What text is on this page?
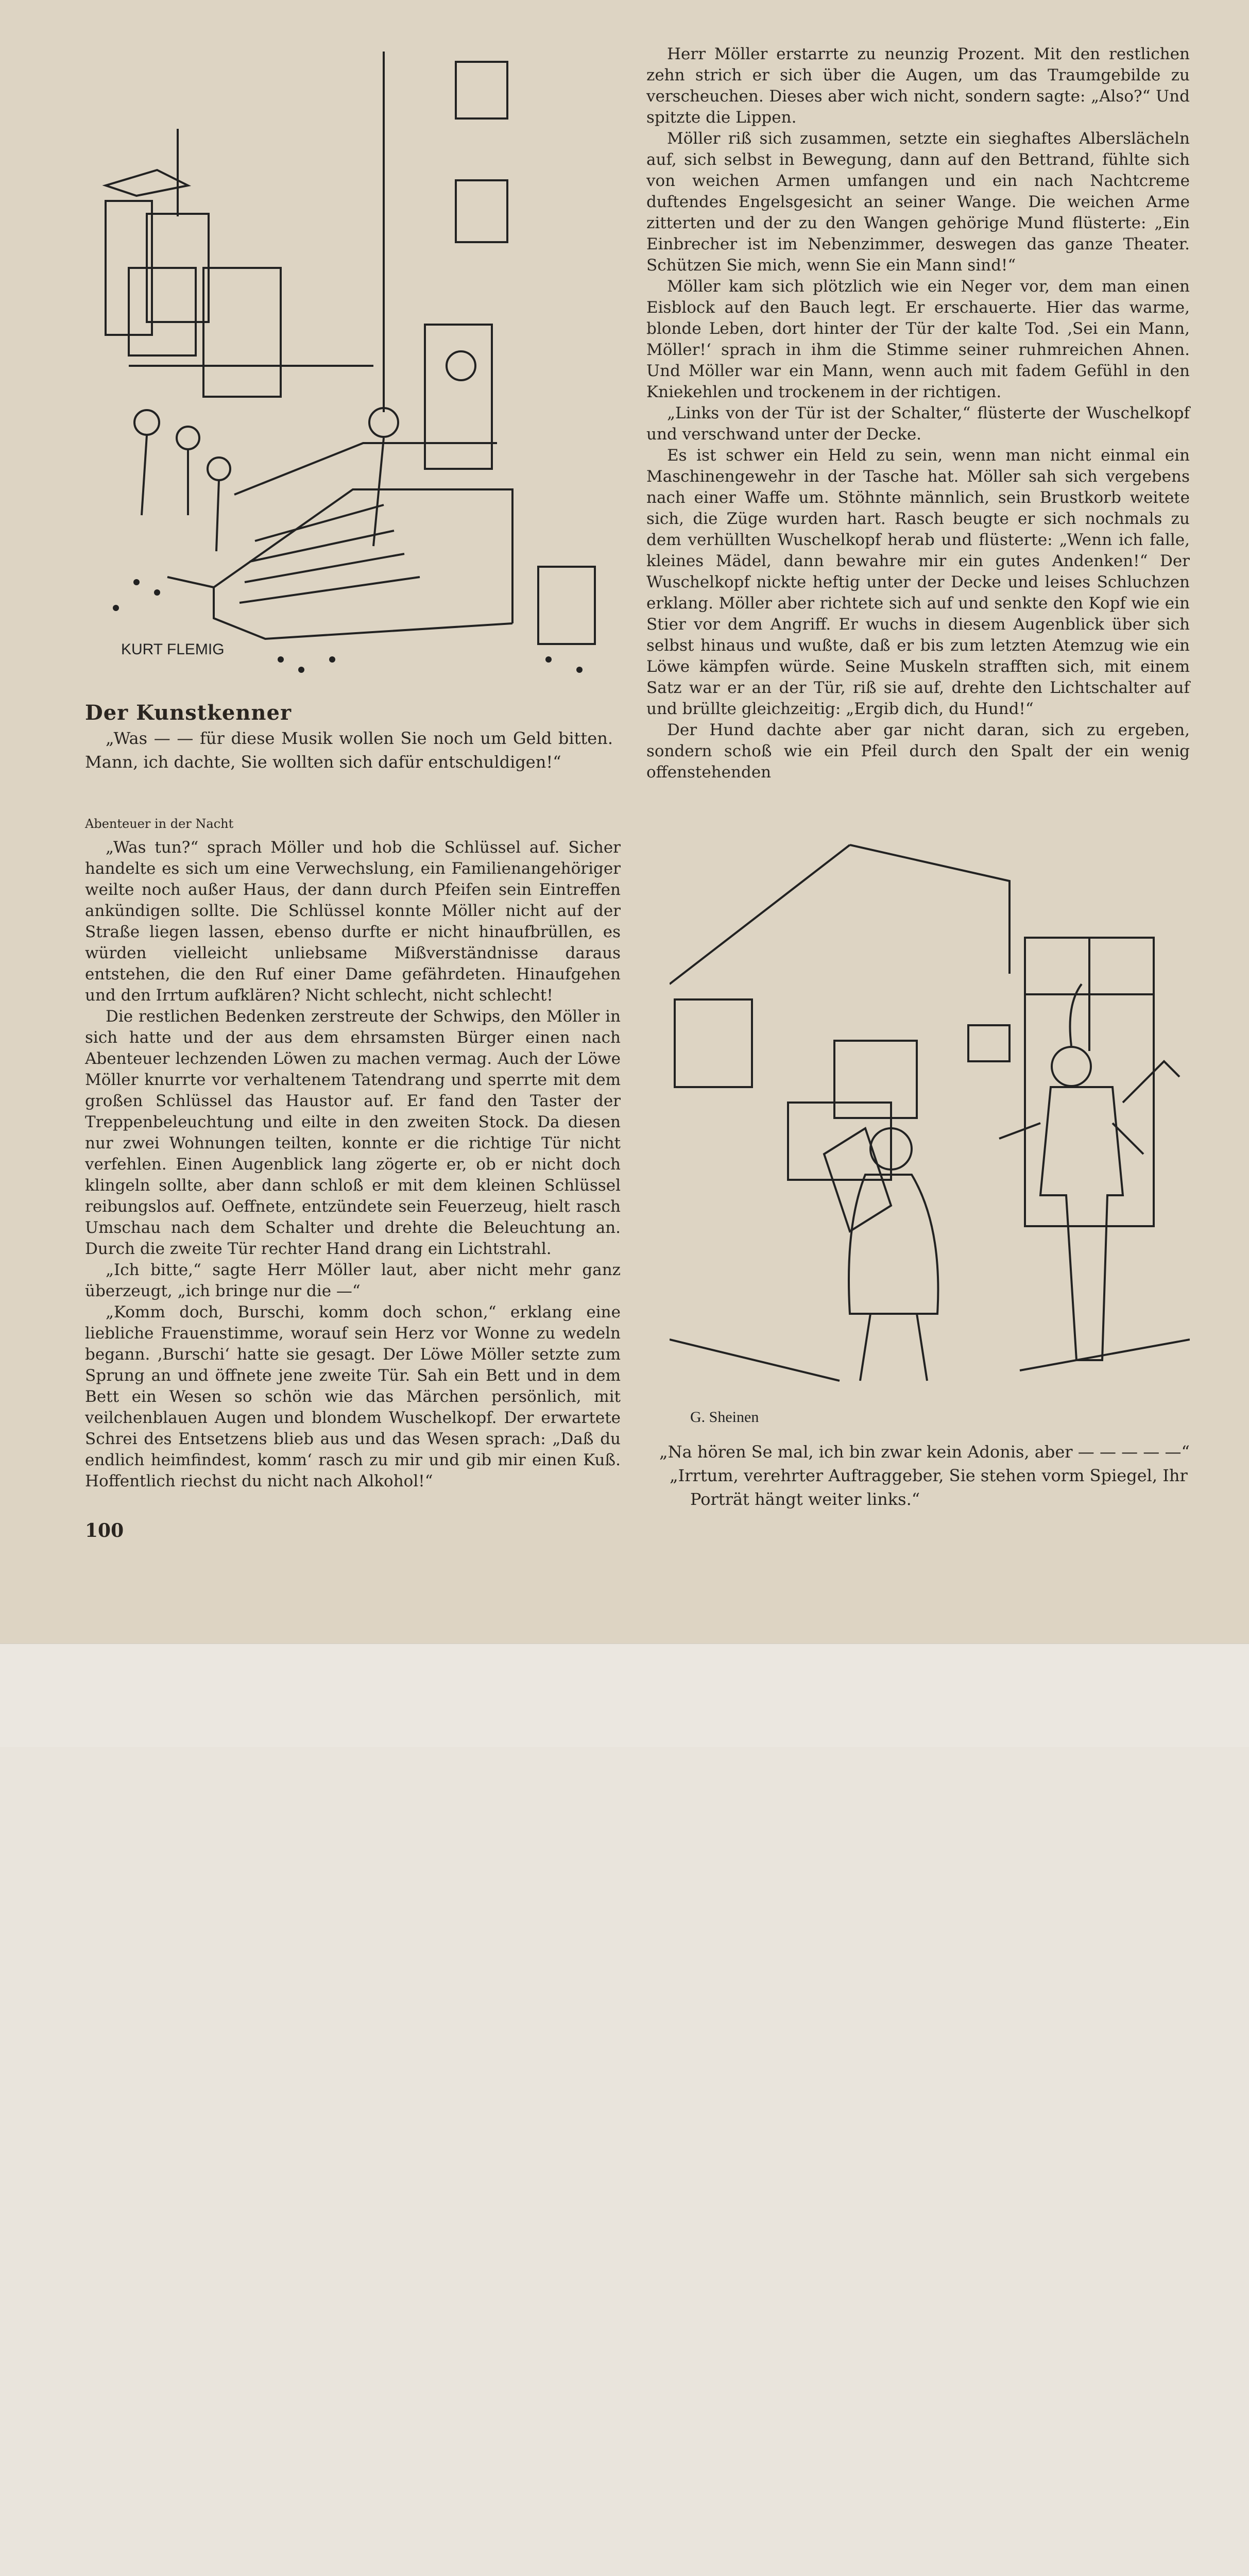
KURT FLEMIG
Der Kunstkenner
„Was — — für diese Musik wollen Sie noch um Geld bitten. Mann, ich dachte, Sie wollten sich dafür entschuldigen!“
Abenteuer in der Nacht

„Was tun?“ sprach Möller und hob die Schlüssel auf. Sicher handelte es sich um eine Verwechslung, ein Familienangehöriger weilte noch außer Haus, der dann durch Pfeifen sein Eintreffen ankündigen sollte. Die Schlüssel konnte Möller nicht auf der Straße liegen lassen, ebenso durfte er nicht hinaufbrüllen, es würden vielleicht unliebsame Mißverständnisse daraus entstehen, die den Ruf einer Dame gefährdeten. Hinaufgehen und den Irrtum aufklären? Nicht schlecht, nicht schlecht!

Die restlichen Bedenken zerstreute der Schwips, den Möller in sich hatte und der aus dem ehrsamsten Bürger einen nach Abenteuer lechzenden Löwen zu machen vermag. Auch der Löwe Möller knurrte vor verhaltenem Tatendrang und sperrte mit dem großen Schlüssel das Haustor auf. Er fand den Taster der Treppenbeleuchtung und eilte in den zweiten Stock. Da diesen nur zwei Wohnungen teilten, konnte er die richtige Tür nicht verfehlen. Einen Augenblick lang zögerte er, ob er nicht doch klingeln sollte, aber dann schloß er mit dem kleinen Schlüssel reibungslos auf. Oeffnete, entzündete sein Feuerzeug, hielt rasch Umschau nach dem Schalter und drehte die Beleuchtung an. Durch die zweite Tür rechter Hand drang ein Lichtstrahl.

„Ich bitte,“ sagte Herr Möller laut, aber nicht mehr ganz überzeugt, „ich bringe nur die —“

„Komm doch, Burschi, komm doch schon,“ erklang eine liebliche Frauenstimme, worauf sein Herz vor Wonne zu wedeln begann. ‚Burschi‘ hatte sie gesagt. Der Löwe Möller setzte zum Sprung an und öffnete jene zweite Tür. Sah ein Bett und in dem Bett ein Wesen so schön wie das Märchen persönlich, mit veilchenblauen Augen und blondem Wuschelkopf. Der erwartete Schrei des Entsetzens blieb aus und das Wesen sprach: „Daß du endlich heimfindest, komm‘ rasch zu mir und gib mir einen Kuß. Hoffentlich riechst du nicht nach Alkohol!“

100

Herr Möller erstarrte zu neunzig Prozent. Mit den restlichen zehn strich er sich über die Augen, um das Traumgebilde zu verscheuchen. Dieses aber wich nicht, sondern sagte: „Also?“ Und spitzte die Lippen.

Möller riß sich zusammen, setzte ein sieghaftes Alberslächeln auf, sich selbst in Bewegung, dann auf den Bettrand, fühlte sich von weichen Armen umfangen und ein nach Nachtcreme duftendes Engelsgesicht an seiner Wange. Die weichen Arme zitterten und der zu den Wangen gehörige Mund flüsterte: „Ein Einbrecher ist im Nebenzimmer, deswegen das ganze Theater. Schützen Sie mich, wenn Sie ein Mann sind!“

Möller kam sich plötzlich wie ein Neger vor, dem man einen Eisblock auf den Bauch legt. Er erschauerte. Hier das warme, blonde Leben, dort hinter der Tür der kalte Tod. ‚Sei ein Mann, Möller!‘ sprach in ihm die Stimme seiner ruhmreichen Ahnen. Und Möller war ein Mann, wenn auch mit fadem Gefühl in den Kniekehlen und trockenem in der richtigen.

„Links von der Tür ist der Schalter,“ flüsterte der Wuschelkopf und verschwand unter der Decke.

Es ist schwer ein Held zu sein, wenn man nicht einmal ein Maschinengewehr in der Tasche hat. Möller sah sich vergebens nach einer Waffe um. Stöhnte männlich, sein Brustkorb weitete sich, die Züge wurden hart. Rasch beugte er sich nochmals zu dem verhüllten Wuschelkopf herab und flüsterte: „Wenn ich falle, kleines Mädel, dann bewahre mir ein gutes Andenken!“ Der Wuschelkopf nickte heftig unter der Decke und leises Schluchzen erklang. Möller aber richtete sich auf und senkte den Kopf wie ein Stier vor dem Angriff. Er wuchs in diesem Augenblick über sich selbst hinaus und wußte, daß er bis zum letzten Atemzug wie ein Löwe kämpfen würde. Seine Muskeln strafften sich, mit einem Satz war er an der Tür, riß sie auf, drehte den Lichtschalter auf und brüllte gleichzeitig: „Ergib dich, du Hund!“

Der Hund dachte aber gar nicht daran, sich zu ergeben, sondern schoß wie ein Pfeil durch den Spalt der ein wenig offenstehenden

G. Sheinen
„Na hören Se mal, ich bin zwar kein Adonis, aber — — — — —“
„Irrtum, verehrter Auftraggeber, Sie stehen vorm Spiegel, Ihr
Porträt hängt weiter links.“
